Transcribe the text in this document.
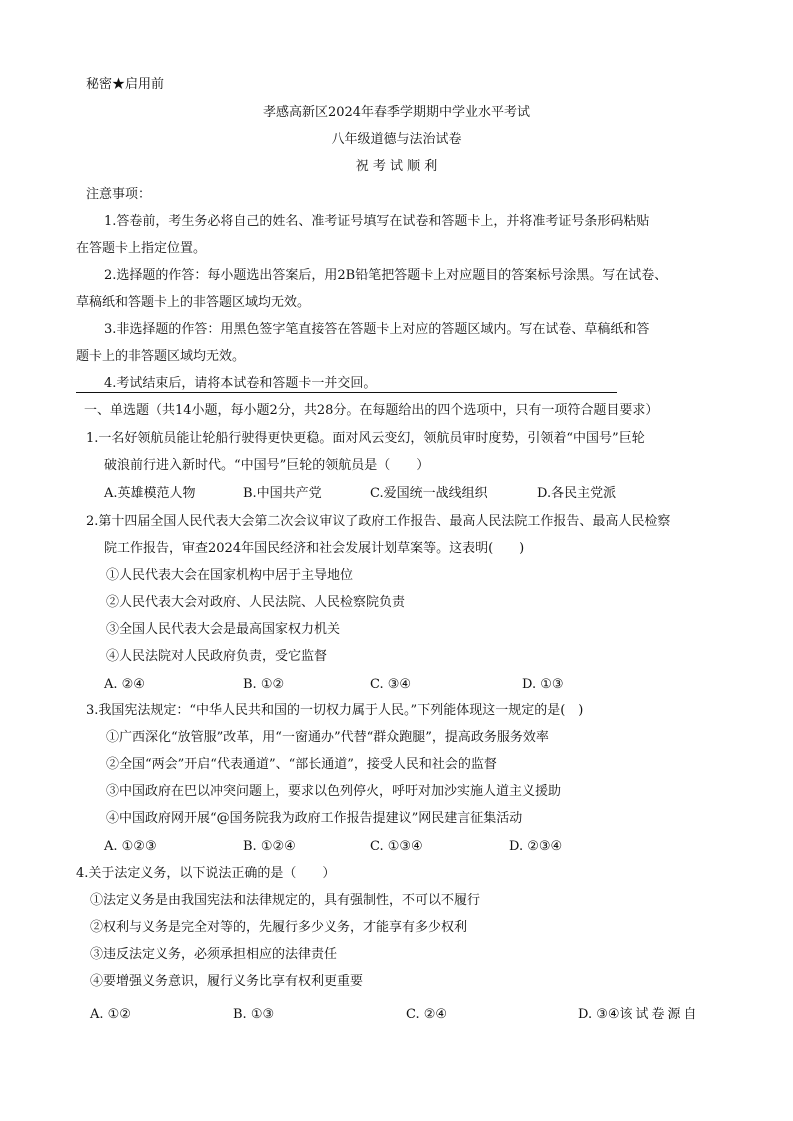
秘密★启用前
孝感高新区2024年春季学期期中学业水平考试
八年级道德与法治试卷
祝 考 试 顺 利
注意事项：
1.答卷前，考生务必将自己的姓名、准考证号填写在试卷和答题卡上，并将准考证号条形码粘贴
在答题卡上指定位置。
2.选择题的作答：每小题选出答案后，用2B铅笔把答题卡上对应题目的答案标号涂黑。写在试卷、
草稿纸和答题卡上的非答题区域均无效。
3.非选择题的作答：用黑色签字笔直接答在答题卡上对应的答题区域内。写在试卷、草稿纸和答
题卡上的非答题区域均无效。
4.考试结束后，请将本试卷和答题卡一并交回。
一、单选题（共14小题，每小题2分，共28分。在每题给出的四个选项中，只有一项符合题目要求）
1.一名好领航员能让轮船行驶得更快更稳。面对风云变幻，领航员审时度势，引领着“中国号”巨轮
破浪前行进入新时代。“中国号”巨轮的领航员是（　　）
A.英雄模范人物	B.中国共产党	C.爱国统一战线组织	D.各民主党派
2.第十四届全国人民代表大会第二次会议审议了政府工作报告、最高人民法院工作报告、最高人民检察
院工作报告，审查2024年国民经济和社会发展计划草案等。这表明(　　)
①人民代表大会在国家机构中居于主导地位
②人民代表大会对政府、人民法院、人民检察院负责
③全国人民代表大会是最高国家权力机关
④人民法院对人民政府负责，受它监督
A. ②④	B. ①②	C. ③④	D. ①③
3.我国宪法规定：“中华人民共和国的一切权力属于人民。”下列能体现这一规定的是(　)
①广西深化“放管服”改革，用“一窗通办”代替“群众跑腿”，提高政务服务效率
②全国“两会”开启“代表通道”、“部长通道”，接受人民和社会的监督
③中国政府在巴以冲突问题上，要求以色列停火，呼吁对加沙实施人道主义援助
④中国政府网开展“@国务院我为政府工作报告提建议”网民建言征集活动
A. ①②③	B. ①②④	C. ①③④	D. ②③④
4.关于法定义务，以下说法正确的是（　　）
①法定义务是由我国宪法和法律规定的，具有强制性，不可以不履行
②权利与义务是完全对等的，先履行多少义务，才能享有多少权利
③违反法定义务，必须承担相应的法律责任
④要增强义务意识，履行义务比享有权利更重要
A. ①②	B. ①③	C. ②④	D. ③④该试卷源自
